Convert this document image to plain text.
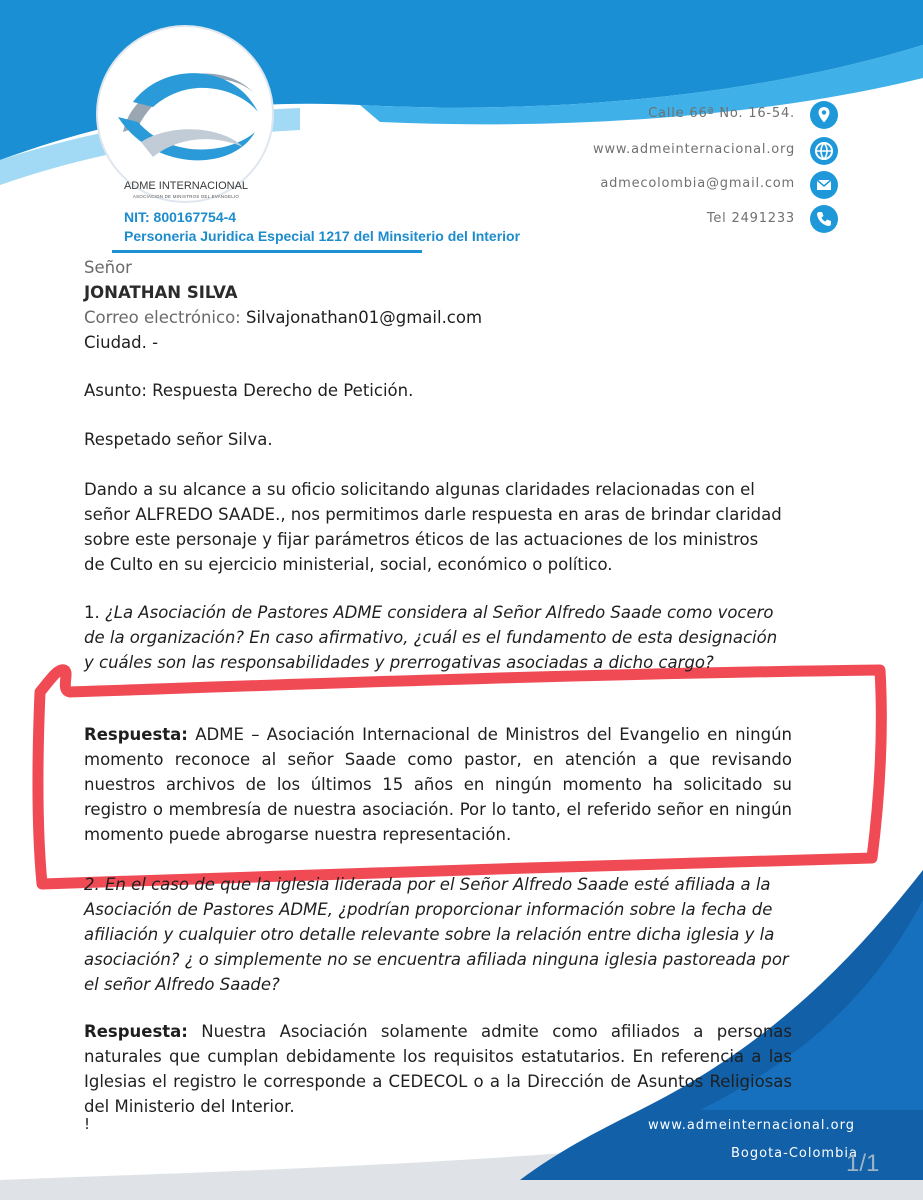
ADME INTERNACIONAL
ASOCIACION DE MINISTROS DEL EVANGELIO
NIT: 800167754-4
Personeria Juridica Especial 1217 del Minsiterio del Interior
Calle 66ª No. 16-54.
www.admeinternacional.org
admecolombia@gmail.com
Tel 2491233
Señor
JONATHAN SILVA
Correo electrónico: Silvajonathan01@gmail.com
Ciudad. -
Asunto: Respuesta Derecho de Petición.
Respetado señor Silva.

Dando a su alcance a su oficio solicitando algunas claridades relacionadas con el señor ALFREDO SAADE., nos permitimos darle respuesta en aras de brindar claridad sobre este personaje y fijar parámetros éticos de las actuaciones de los ministros de Culto en su ejercicio ministerial, social, económico o político.

1. ¿La Asociación de Pastores ADME considera al Señor Alfredo Saade como vocero de la organización? En caso afirmativo, ¿cuál es el fundamento de esta designación y cuáles son las responsabilidades y prerrogativas asociadas a dicho cargo?

Respuesta: ADME – Asociación Internacional de Ministros del Evangelio en ningún momento reconoce al señor Saade como pastor, en atención a que revisando nuestros archivos de los últimos 15 años en ningún momento ha solicitado su registro o membresía de nuestra asociación. Por lo tanto, el referido señor en ningún momento puede abrogarse nuestra representación.

2. En el caso de que la iglesia liderada por el Señor Alfredo Saade esté afiliada a la Asociación de Pastores ADME, ¿podrían proporcionar información sobre la fecha de afiliación y cualquier otro detalle relevante sobre la relación entre dicha iglesia y la asociación? ¿ o simplemente no se encuentra afiliada ninguna iglesia pastoreada por el señor Alfredo Saade?

Respuesta: Nuestra Asociación solamente admite como afiliados a personas naturales que cumplan debidamente los requisitos estatutarios. En referencia a las Iglesias el registro le corresponde a CEDECOL o a la Dirección de Asuntos Religiosas del Ministerio del Interior.

!	www.admeinternacional.org
Bogota-Colombia
1/1
